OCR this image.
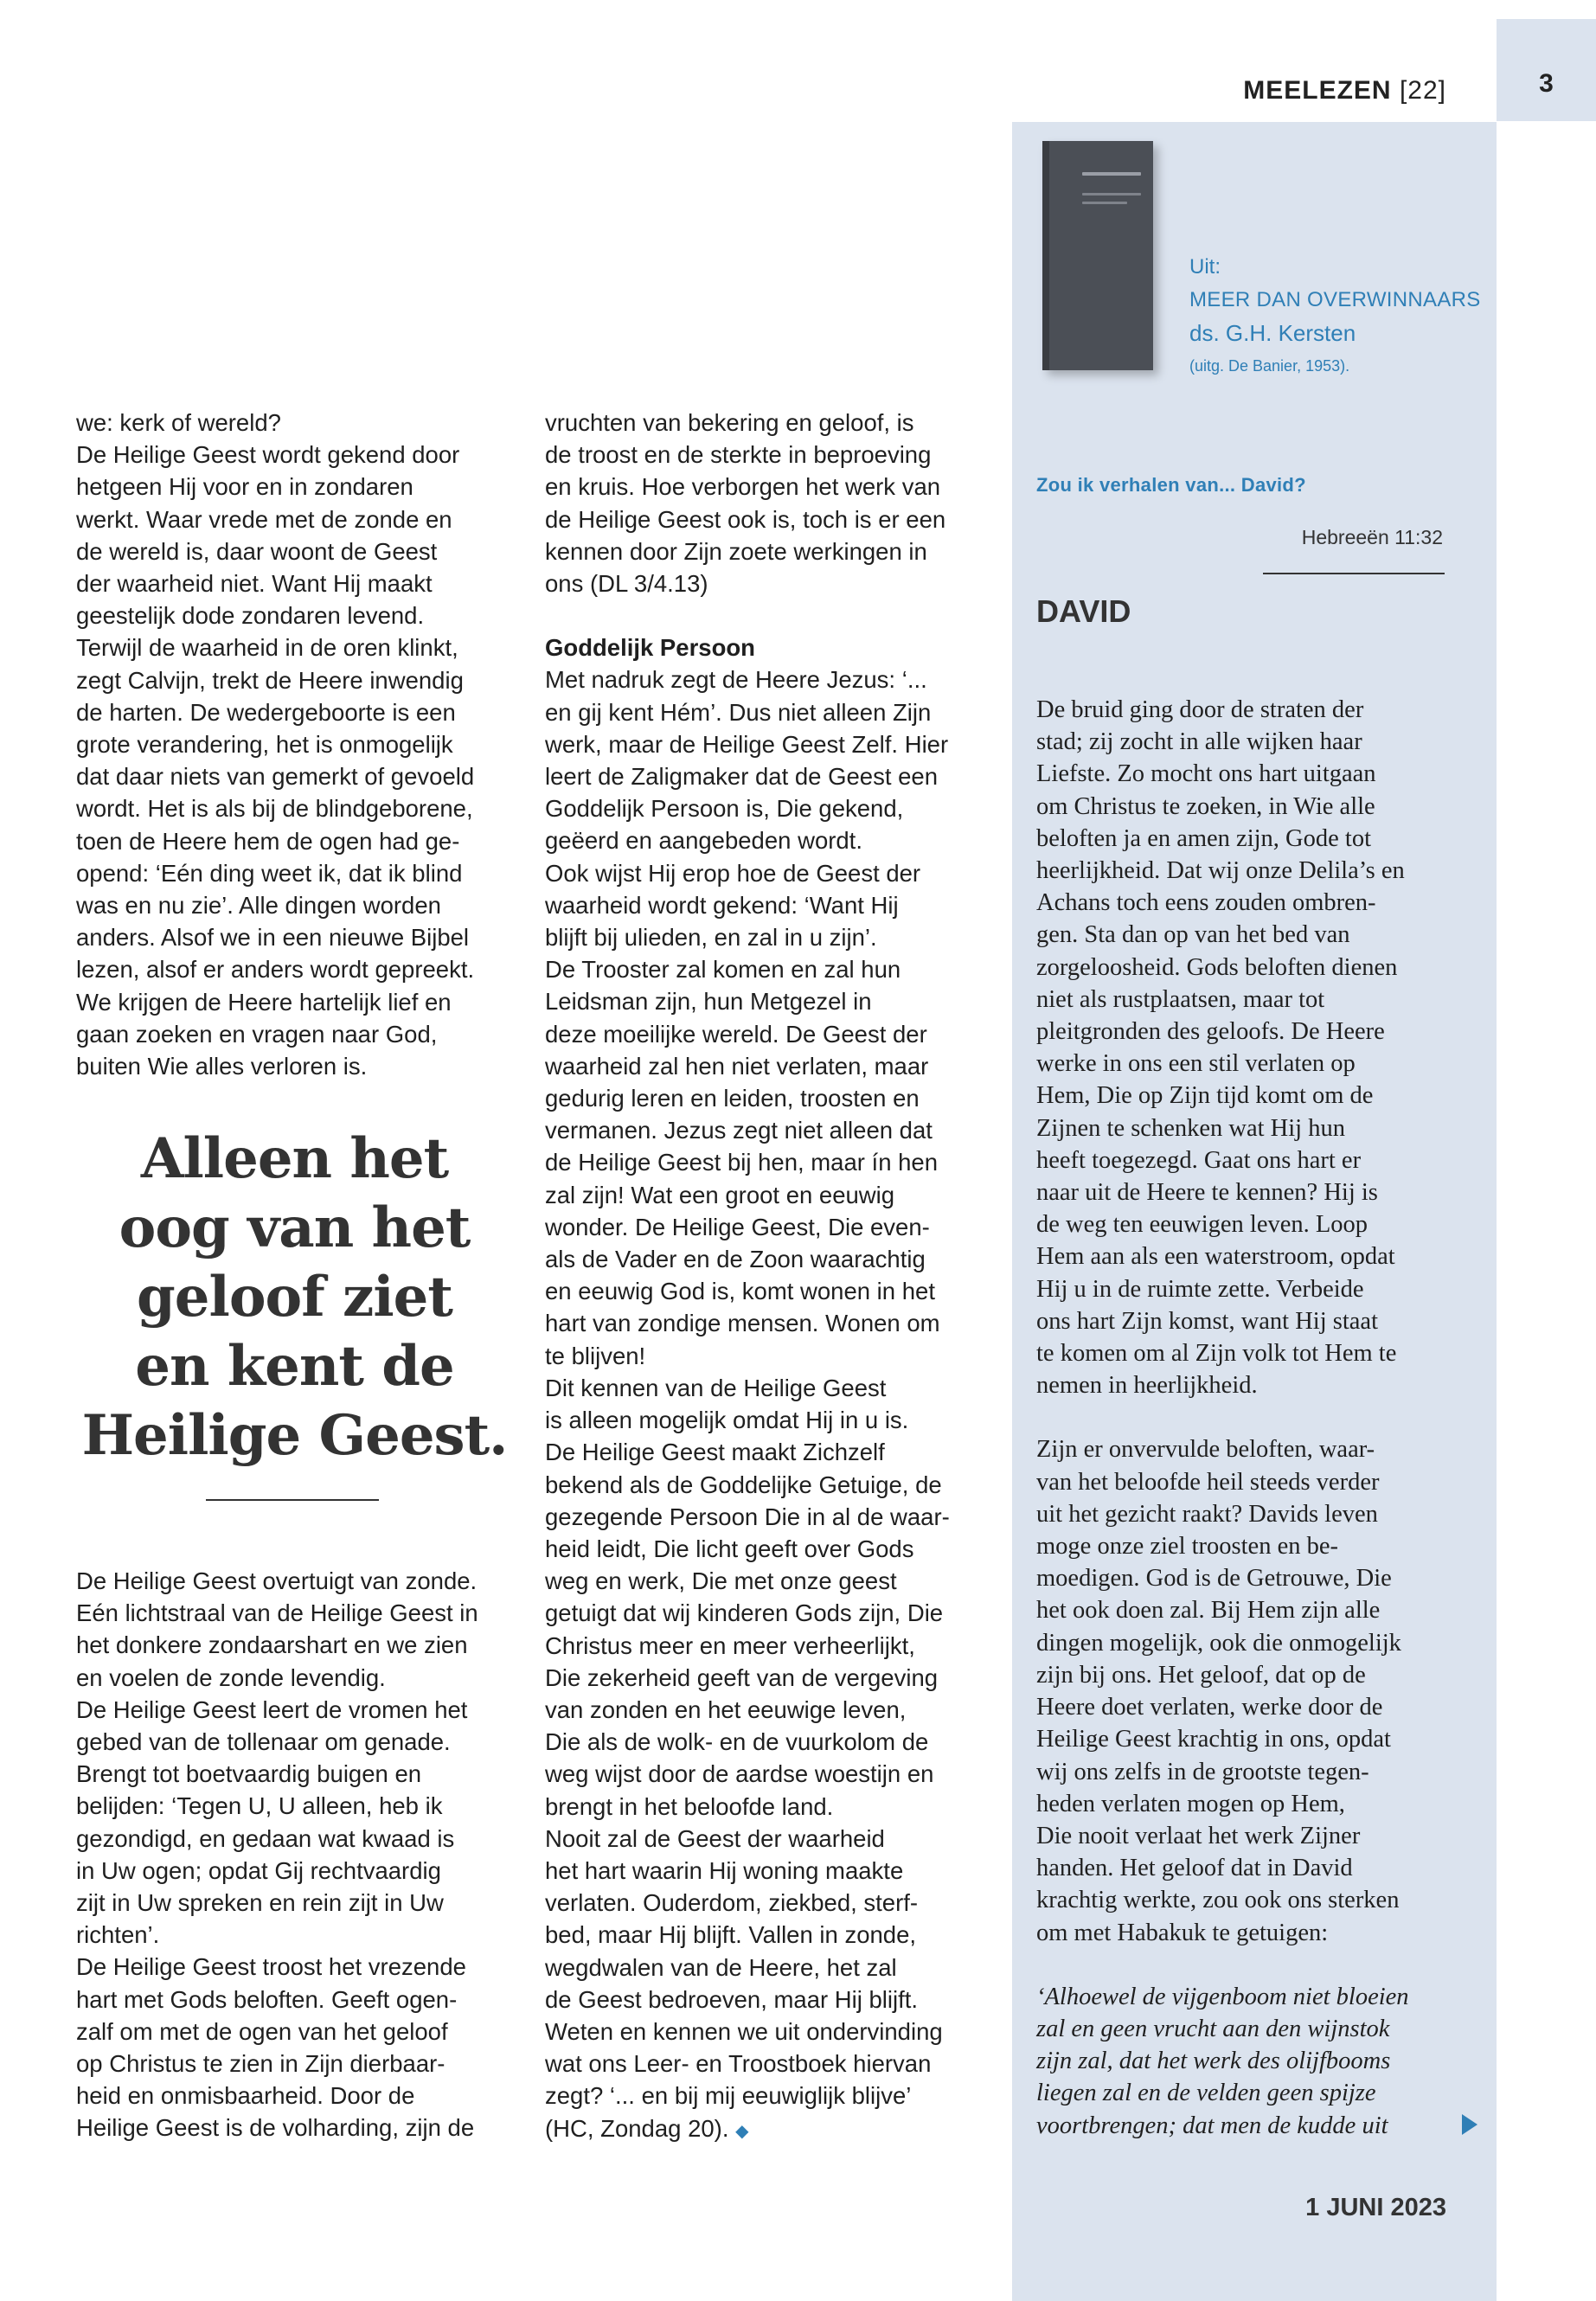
3
MEELEZEN [22]
Uit:
MEER DAN OVERWINNAARS
ds. G.H. Kersten
(uitg. De Banier, 1953).
we: kerk of wereld?
De Heilige Geest wordt gekend door
hetgeen Hij voor en in zondaren
werkt. Waar vrede met de zonde en
de wereld is, daar woont de Geest
der waarheid niet. Want Hij maakt
geestelijk dode zondaren levend.
Terwijl de waarheid in de oren klinkt,
zegt Calvijn, trekt de Heere inwendig
de harten. De wedergeboorte is een
grote verandering, het is onmogelijk
dat daar niets van gemerkt of gevoeld
wordt. Het is als bij de blindgeborene,
toen de Heere hem de ogen had ge-
opend: ‘Eén ding weet ik, dat ik blind
was en nu zie’. Alle dingen worden
anders. Alsof we in een nieuwe Bijbel
lezen, alsof er anders wordt gepreekt.
We krijgen de Heere hartelijk lief en
gaan zoeken en vragen naar God,
buiten Wie alles verloren is.
Alleen het
oog van het
geloof ziet
en kent de
Heilige Geest.
De Heilige Geest overtuigt van zonde.
Eén lichtstraal van de Heilige Geest in
het donkere zondaarshart en we zien
en voelen de zonde levendig.
De Heilige Geest leert de vromen het
gebed van de tollenaar om genade.
Brengt tot boetvaardig buigen en
belijden: ‘Tegen U, U alleen, heb ik
gezondigd, en gedaan wat kwaad is
in Uw ogen; opdat Gij rechtvaardig
zijt in Uw spreken en rein zijt in Uw
richten’.
De Heilige Geest troost het vrezende
hart met Gods beloften. Geeft ogen-
zalf om met de ogen van het geloof
op Christus te zien in Zijn dierbaar-
heid en onmisbaarheid. Door de
Heilige Geest is de volharding, zijn de
vruchten van bekering en geloof, is
de troost en de sterkte in beproeving
en kruis. Hoe verborgen het werk van
de Heilige Geest ook is, toch is er een
kennen door Zijn zoete werkingen in
ons (DL 3/4.13)

Goddelijk Persoon

Met nadruk zegt de Heere Jezus: ‘...
en gij kent Hém’. Dus niet alleen Zijn
werk, maar de Heilige Geest Zelf. Hier
leert de Zaligmaker dat de Geest een
Goddelijk Persoon is, Die gekend,
geëerd en aangebeden wordt.
Ook wijst Hij erop hoe de Geest der
waarheid wordt gekend: ‘Want Hij
blijft bij ulieden, en zal in u zijn’.
De Trooster zal komen en zal hun
Leidsman zijn, hun Metgezel in
deze moeilijke wereld. De Geest der
waarheid zal hen niet verlaten, maar
gedurig leren en leiden, troosten en
vermanen. Jezus zegt niet alleen dat
de Heilige Geest bij hen, maar ín hen
zal zijn! Wat een groot en eeuwig
wonder. De Heilige Geest, Die even-
als de Vader en de Zoon waarachtig
en eeuwig God is, komt wonen in het
hart van zondige mensen. Wonen om
te blijven!
Dit kennen van de Heilige Geest
is alleen mogelijk omdat Hij in u is.
De Heilige Geest maakt Zichzelf
bekend als de Goddelijke Getuige, de
gezegende Persoon Die in al de waar-
heid leidt, Die licht geeft over Gods
weg en werk, Die met onze geest
getuigt dat wij kinderen Gods zijn, Die
Christus meer en meer verheerlijkt,
Die zekerheid geeft van de vergeving
van zonden en het eeuwige leven,
Die als de wolk- en de vuurkolom de
weg wijst door de aardse woestijn en
brengt in het beloofde land.
Nooit zal de Geest der waarheid
het hart waarin Hij woning maakte
verlaten. Ouderdom, ziekbed, sterf-
bed, maar Hij blijft. Vallen in zonde,
wegdwalen van de Heere, het zal
de Geest bedroeven, maar Hij blijft.
Weten en kennen we uit ondervinding
wat ons Leer- en Troostboek hiervan
zegt? ‘... en bij mij eeuwiglijk blijve’

(HC, Zondag 20). ◆

Zou ik verhalen van... David?
Hebreeën 11:32
DAVID

De bruid ging door de straten der
stad; zij zocht in alle wijken haar
Liefste. Zo mocht ons hart uitgaan
om Christus te zoeken, in Wie alle
beloften ja en amen zijn, Gode tot
heerlijkheid. Dat wij onze Delila’s en
Achans toch eens zouden ombren-
gen. Sta dan op van het bed van
zorgeloosheid. Gods beloften dienen
niet als rustplaatsen, maar tot
pleitgronden des geloofs. De Heere
werke in ons een stil verlaten op
Hem, Die op Zijn tijd komt om de
Zijnen te schenken wat Hij hun
heeft toegezegd. Gaat ons hart er
naar uit de Heere te kennen? Hij is
de weg ten eeuwigen leven. Loop
Hem aan als een waterstroom, opdat
Hij u in de ruimte zette. Verbeide
ons hart Zijn komst, want Hij staat
te komen om al Zijn volk tot Hem te
nemen in heerlijkheid.

Zijn er onvervulde beloften, waar-
van het beloofde heil steeds verder
uit het gezicht raakt? Davids leven
moge onze ziel troosten en be-
moedigen. God is de Getrouwe, Die
het ook doen zal. Bij Hem zijn alle
dingen mogelijk, ook die onmogelijk
zijn bij ons. Het geloof, dat op de
Heere doet verlaten, werke door de
Heilige Geest krachtig in ons, opdat
wij ons zelfs in de grootste tegen-
heden verlaten mogen op Hem,
Die nooit verlaat het werk Zijner
handen. Het geloof dat in David
krachtig werkte, zou ook ons sterken
om met Habakuk te getuigen:

‘Alhoewel de vijgenboom niet bloeien
zal en geen vrucht aan den wijnstok
zijn zal, dat het werk des olijfbooms
liegen zal en de velden geen spijze
voortbrengen; dat men de kudde uit

1 JUNI 2023
